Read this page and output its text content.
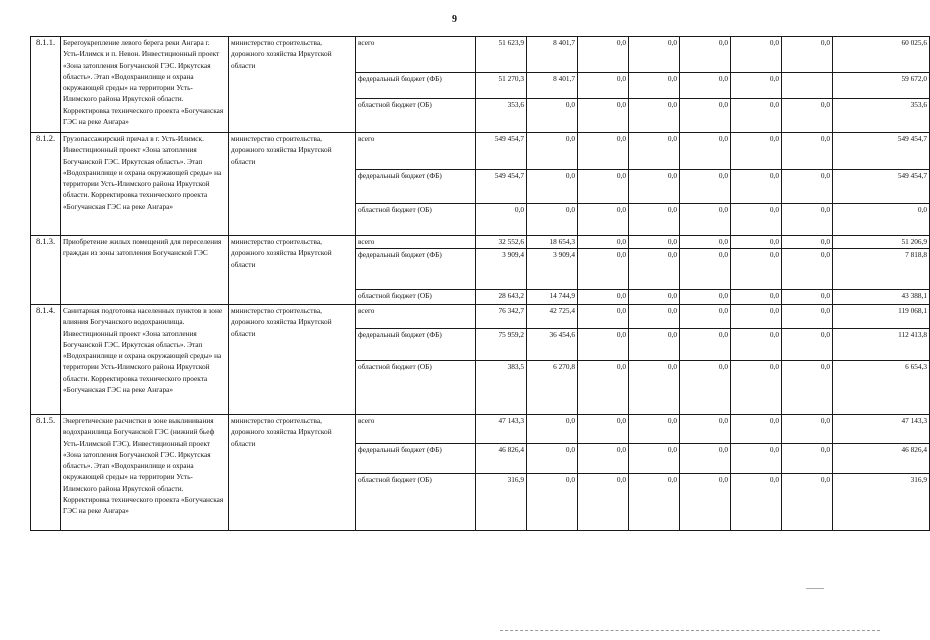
9
8.1.1.	Берегоукрепление левого берега реки Ангара г. Усть-Илимск и п. Невон. Инвестиционный проект «Зона затопления Богучанской ГЭС. Иркутская область». Этап «Водохранилище и охрана окружающей среды» на территории Усть-Илимского района Иркутской области. Корректировка технического проекта «Богучанская ГЭС на реке Ангара»	министерство строительства, дорожного хозяйства Иркутской области	всего	51 623,9	8 401,7	0,0	0,0	0,0	0,0	0,0	60 025,6
			федеральный бюджет (ФБ)	51 270,3	8 401,7	0,0	0,0	0,0	0,0		59 672,0
			областной бюджет (ОБ)	353,6	0,0	0,0	0,0	0,0	0,0	0,0	353,6
8.1.2.	Грузопассажирский причал в г. Усть-Илимск. Инвестиционный проект «Зона затопления Богучанской ГЭС. Иркутская область». Этап «Водохранилище и охрана окружающей среды» на территории Усть-Илимского района Иркутской области. Корректировка технического проекта «Богучанская ГЭС на реке Ангара»	министерство строительства, дорожного хозяйства Иркутской области	всего	549 454,7	0,0	0,0	0,0	0,0	0,0	0,0	549 454,7
			федеральный бюджет (ФБ)	549 454,7	0,0	0,0	0,0	0,0	0,0	0,0	549 454,7
			областной бюджет (ОБ)	0,0	0,0	0,0	0,0	0,0	0,0	0,0	0,0
8.1.3.	Приобретение жилых помещений для переселения граждан из зоны затопления Богучанской ГЭС	министерство строительства, дорожного хозяйства Иркутской области	всего	32 552,6	18 654,3	0,0	0,0	0,0	0,0	0,0	51 206,9
			федеральный бюджет (ФБ)	3 909,4	3 909,4	0,0	0,0	0,0	0,0	0,0	7 818,8
			областной бюджет (ОБ)	28 643,2	14 744,9	0,0	0,0	0,0	0,0	0,0	43 388,1
8.1.4.	Санитарная подготовка населенных пунктов в зоне влияния Богучанского водохранилища. Инвестиционный проект «Зона затопления Богучанской ГЭС. Иркутская область». Этап «Водохранилище и охрана окружающей среды» на территории Усть-Илимского района Иркутской области. Корректировка технического проекта «Богучанская ГЭС на реке Ангара»	министерство строительства, дорожного хозяйства Иркутской области	всего	76 342,7	42 725,4	0,0	0,0	0,0	0,0	0,0	119 068,1
			федеральный бюджет (ФБ)	75 959,2	36 454,6	0,0	0,0	0,0	0,0	0,0	112 413,8
			областной бюджет (ОБ)	383,5	6 270,8	0,0	0,0	0,0	0,0	0,0	6 654,3
8.1.5.	Энергетические расчистки в зоне выклинивания водохранилища Богучанской ГЭС (нижний бьеф Усть-Илимской ГЭС). Инвестиционный проект «Зона затопления Богучанской ГЭС. Иркутская область». Этап «Водохранилище и охрана окружающей среды» на территории Усть-Илимского района Иркутской области. Корректировка технического проекта «Богучанская ГЭС на реке Ангара»	министерство строительства, дорожного хозяйства Иркутской области	всего	47 143,3	0,0	0,0	0,0	0,0	0,0	0,0	47 143,3
			федеральный бюджет (ФБ)	46 826,4	0,0	0,0	0,0	0,0	0,0	0,0	46 826,4
			областной бюджет (ОБ)	316,9	0,0	0,0	0,0	0,0	0,0	0,0	316,9
